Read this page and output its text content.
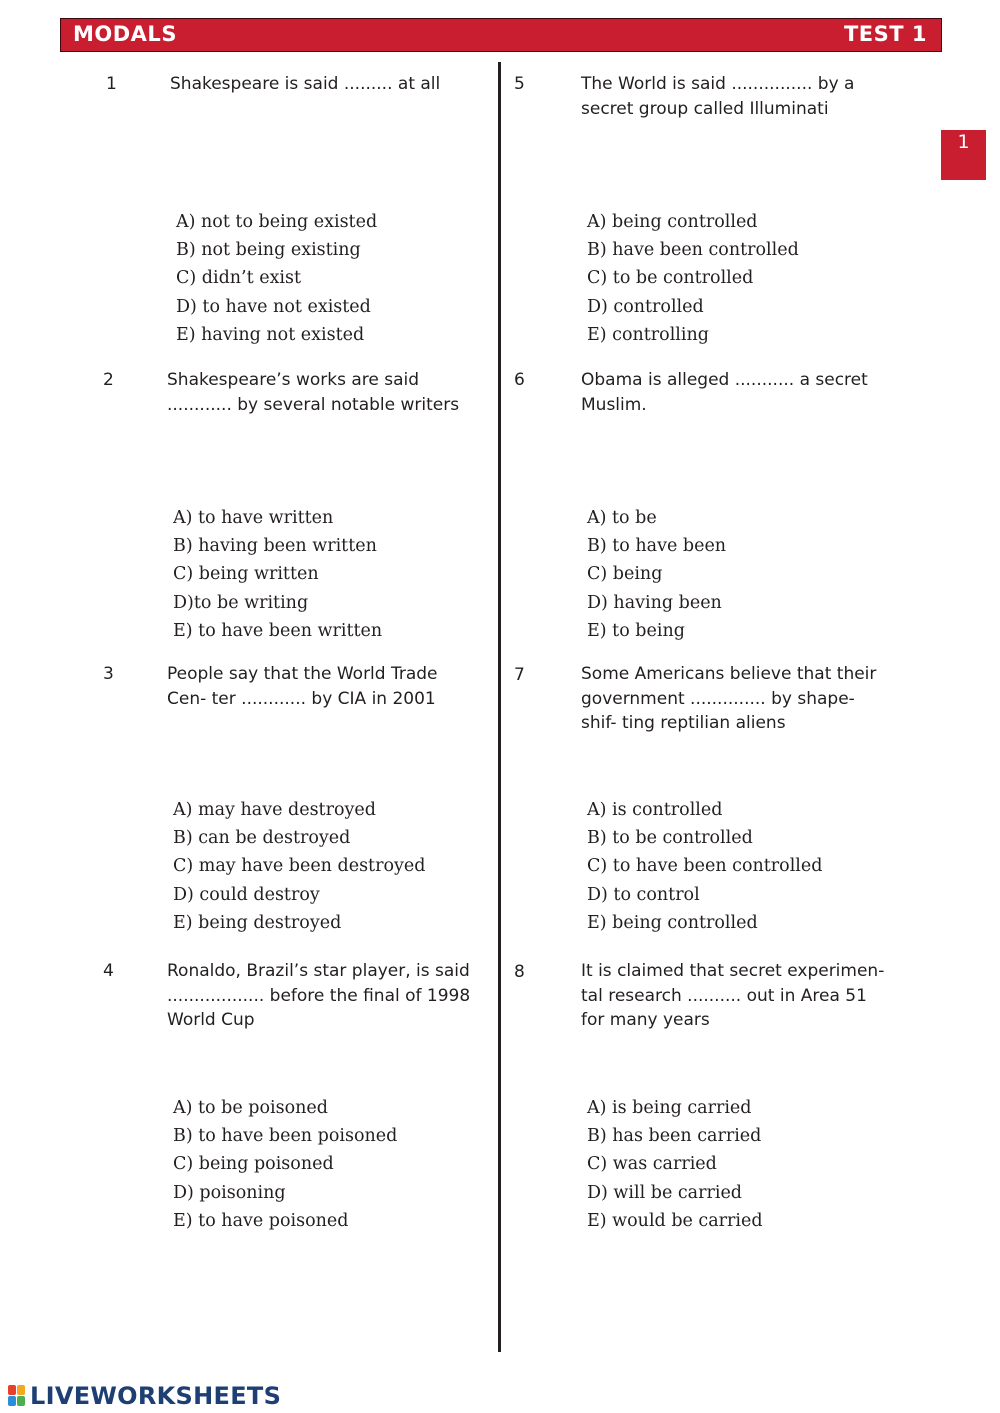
MODALS	TEST 1
1
1	Shakespeare is said ......... at all
A) not to being existed
B) not being existing
C) didn’t exist
D) to have not existed
E) having not existed
2	Shakespeare’s works are said ............ by several notable writers
A) to have written
B) having been written
C) being written
D)to be writing
E) to have been written
3	People say that the World Trade Cen- ter ............ by CIA in 2001
A) may have destroyed
B) can be destroyed
C) may have been destroyed
D) could destroy
E) being destroyed
4	Ronaldo, Brazil’s star player, is said .................. before the final of 1998 World Cup
A) to be poisoned
B) to have been poisoned
C) being poisoned
D) poisoning
E) to have poisoned
5	The World is said ............... by a secret group called Illuminati
A) being controlled
B) have been controlled
C) to be controlled
D) controlled
E) controlling
6	Obama is alleged ........... a secret Muslim.
A) to be
B) to have been
C) being
D) having been
E) to being
7	Some Americans believe that their government .............. by shape-shif- ting reptilian aliens
A) is controlled
B) to be controlled
C) to have been controlled
D) to control
E) being controlled
8	It is claimed that secret experimen- tal research .......... out in Area 51 for many years
A) is being carried
B) has been carried
C) was carried
D) will be carried
E) would be carried
LIVEWORKSHEETS
